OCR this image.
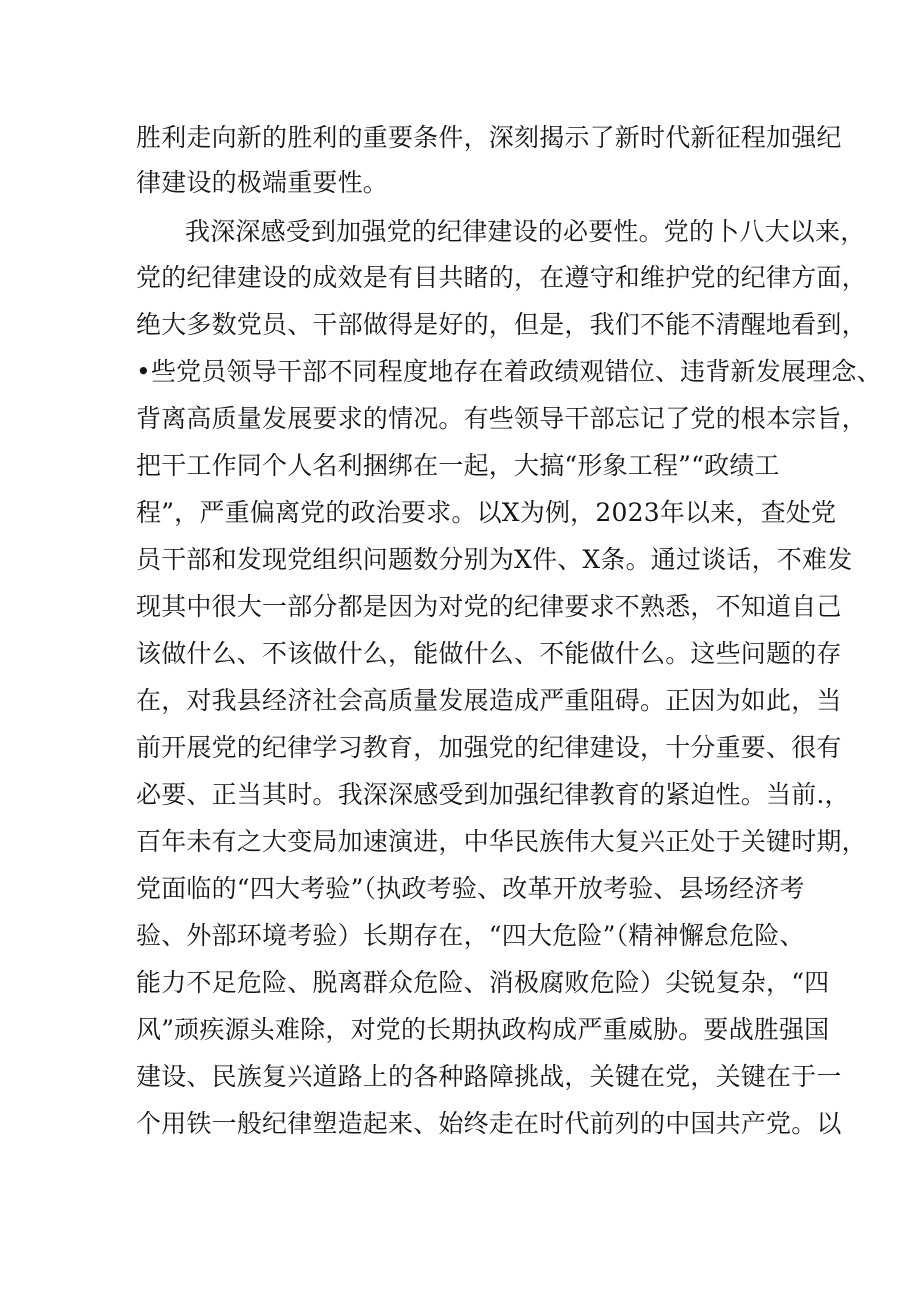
胜利走向新的胜利的重要条件，深刻揭示了新时代新征程加强纪
律建设的极端重要性。
我深深感受到加强党的纪律建设的必要性。党的卜八大以来，
党的纪律建设的成效是有目共睹的，在遵守和维护党的纪律方面，
绝大多数党员、干部做得是好的，但是，我们不能不清醒地看到，
•些党员领导干部不同程度地存在着政绩观错位、违背新发展理念、
背离高质量发展要求的情况。有些领导干部忘记了党的根本宗旨，
把干工作同个人名利捆绑在一起，大搞“形象工程”“政绩工
程”，严重偏离党的政治要求。以X为例，2023年以来，查处党
员干部和发现党组织问题数分别为X件、X条。通过谈话，不难发
现其中很大一部分都是因为对党的纪律要求不熟悉，不知道自己
该做什么、不该做什么，能做什么、不能做什么。这些问题的存
在，对我县经济社会高质量发展造成严重阻碍。正因为如此，当
前开展党的纪律学习教育，加强党的纪律建设，十分重要、很有
必要、正当其时。我深深感受到加强纪律教育的紧迫性。当前.，
百年未有之大变局加速演进，中华民族伟大复兴正处于关键时期，
党面临的“四大考验”（执政考验、改革开放考验、县场经济考
验、外部环境考验）长期存在，“四大危险”（精神懈怠危险、
能力不足危险、脱离群众危险、消极腐败危险）尖锐复杂，“四
风”顽疾源头难除，对党的长期执政构成严重威胁。要战胜强国
建设、民族复兴道路上的各种路障挑战，关键在党，关键在于一
个用铁一般纪律塑造起来、始终走在时代前列的中国共产党。以
